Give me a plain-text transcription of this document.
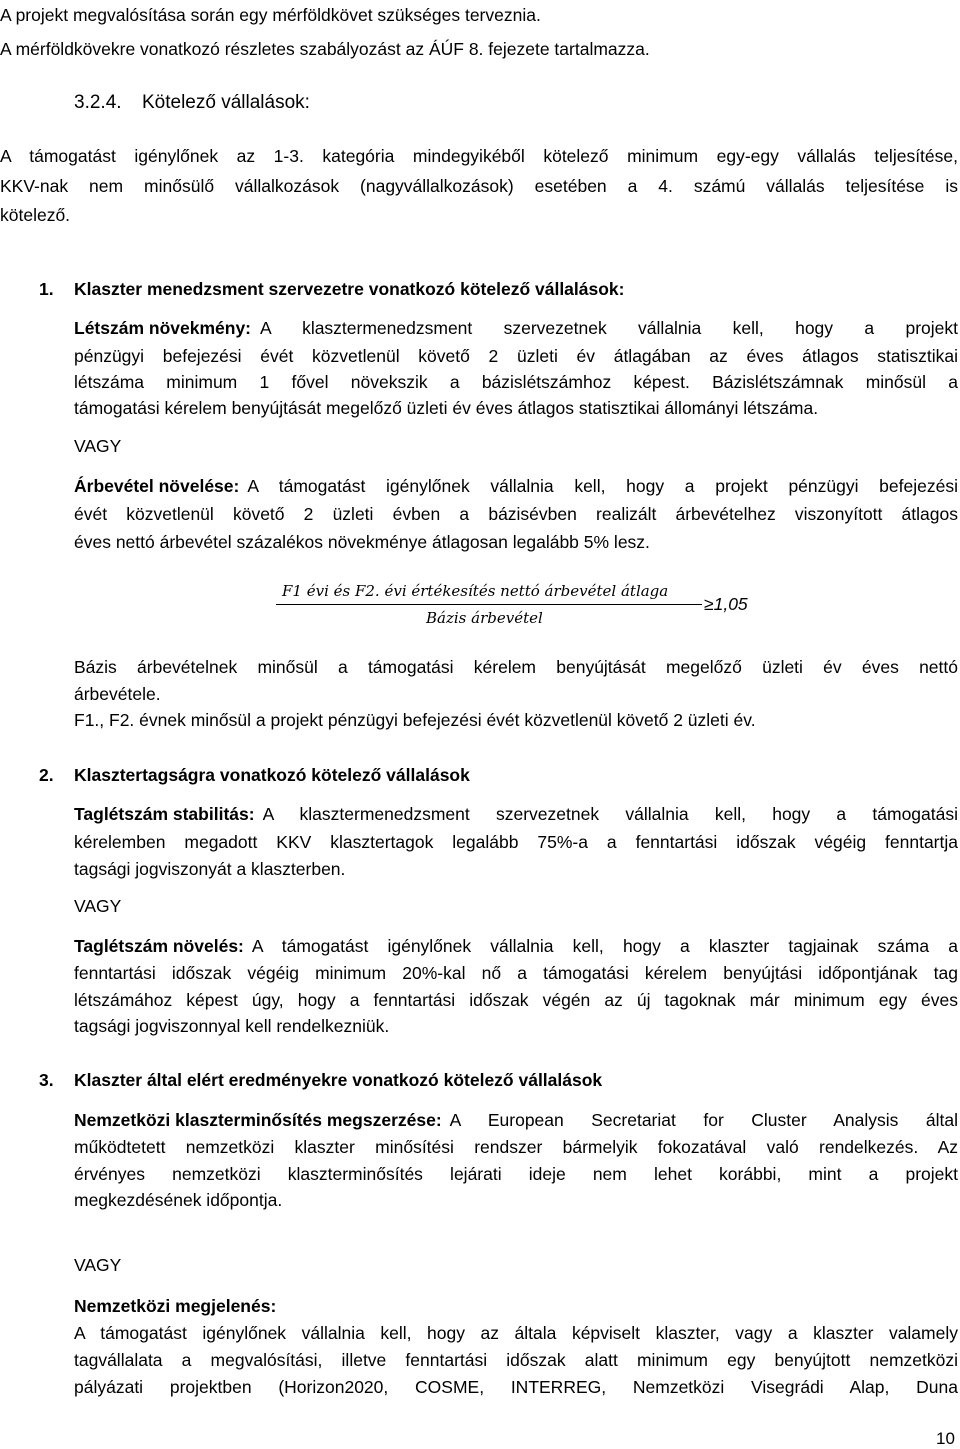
A projekt megvalósítása során egy mérföldkövet szükséges terveznia.
A mérföldkövekre vonatkozó részletes szabályozást az ÁÚF 8. fejezete tartalmazza.
3.2.4. Kötelező vállalások:
A támogatást igénylőnek az 1-3. kategória mindegyikéből kötelező minimum egy-egy vállalás teljesítése,
KKV-nak nem minősülő vállalkozások (nagyvállalkozások) esetében a 4. számú vállalás teljesítése is
kötelező.
1. Klaszter menedzsment szervezetre vonatkozó kötelező vállalások:
Létszám növekmény: A klasztermenedzsment szervezetnek vállalnia kell, hogy a projekt
pénzügyi befejezési évét közvetlenül követő 2 üzleti év átlagában az éves átlagos statisztikai
létszáma minimum 1 fővel növekszik a bázislétszámhoz képest. Bázislétszámnak minősül a
támogatási kérelem benyújtását megelőző üzleti év éves átlagos statisztikai állományi létszáma.
VAGY
Árbevétel növelése: A támogatást igénylőnek vállalnia kell, hogy a projekt pénzügyi befejezési
évét közvetlenül követő 2 üzleti évben a bázisévben realizált árbevételhez viszonyított átlagos
éves nettó árbevétel százalékos növekménye átlagosan legalább 5% lesz.
F1 évi és F2. évi értékesítés nettó árbevétel átlaga
Bázis árbevétel
≥1,05
Bázis árbevételnek minősül a támogatási kérelem benyújtását megelőző üzleti év éves nettó
árbevétele.
F1., F2. évnek minősül a projekt pénzügyi befejezési évét közvetlenül követő 2 üzleti év.
2. Klasztertagságra vonatkozó kötelező vállalások
Taglétszám stabilitás: A klasztermenedzsment szervezetnek vállalnia kell, hogy a támogatási
kérelemben megadott KKV klasztertagok legalább 75%-a a fenntartási időszak végéig fenntartja
tagsági jogviszonyát a klaszterben.
VAGY
Taglétszám növelés: A támogatást igénylőnek vállalnia kell, hogy a klaszter tagjainak száma a
fenntartási időszak végéig minimum 20%-kal nő a támogatási kérelem benyújtási időpontjának tag
létszámához képest úgy, hogy a fenntartási időszak végén az új tagoknak már minimum egy éves
tagsági jogviszonnyal kell rendelkezniük.
3. Klaszter által elért eredményekre vonatkozó kötelező vállalások
Nemzetközi klaszterminősítés megszerzése: A European Secretariat for Cluster Analysis által
működtetett nemzetközi klaszter minősítési rendszer bármelyik fokozatával való rendelkezés. Az
érvényes nemzetközi klaszterminősítés lejárati ideje nem lehet korábbi, mint a projekt
megkezdésének időpontja.
VAGY
Nemzetközi megjelenés:
A támogatást igénylőnek vállalnia kell, hogy az általa képviselt klaszter, vagy a klaszter valamely
tagvállalata a megvalósítási, illetve fenntartási időszak alatt minimum egy benyújtott nemzetközi
pályázati projektben (Horizon2020, COSME, INTERREG, Nemzetközi Visegrádi Alap, Duna
10
